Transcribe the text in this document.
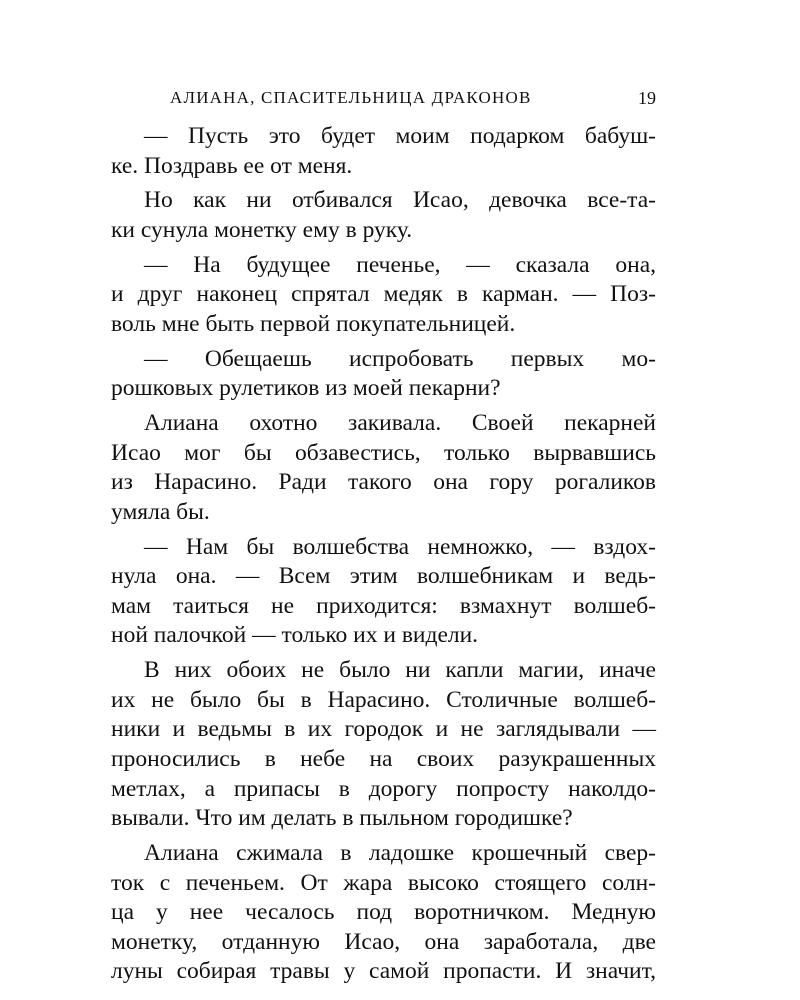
АЛИАНА, СПАСИТЕЛЬНИЦА ДРАКОНОВ	19
— Пусть это будет моим подарком бабуш-
ке. Поздравь ее от меня.
Но как ни отбивался Исао, девочка все-та-
ки сунула монетку ему в руку.
— На будущее печенье, — сказала она,
и друг наконец спрятал медяк в карман. — Поз-
воль мне быть первой покупательницей.
— Обещаешь испробовать первых мо-
рошковых рулетиков из моей пекарни?
Алиана охотно закивала. Своей пекарней
Исао мог бы обзавестись, только вырвавшись
из Нарасино. Ради такого она гору рогаликов
умяла бы.
— Нам бы волшебства немножко, — вздох-
нула она. — Всем этим волшебникам и ведь-
мам таиться не приходится: взмахнут волшеб-
ной палочкой — только их и видели.
В них обоих не было ни капли магии, иначе
их не было бы в Нарасино. Столичные волшеб-
ники и ведьмы в их городок и не заглядывали —
проносились в небе на своих разукрашенных
метлах, а припасы в дорогу попросту наколдо-
вывали. Что им делать в пыльном городишке?
Алиана сжимала в ладошке крошечный свер-
ток с печеньем. От жара высоко стоящего солн-
ца у нее чесалось под воротничком. Медную
монетку, отданную Исао, она заработала, две
луны собирая травы у самой пропасти. И значит,
